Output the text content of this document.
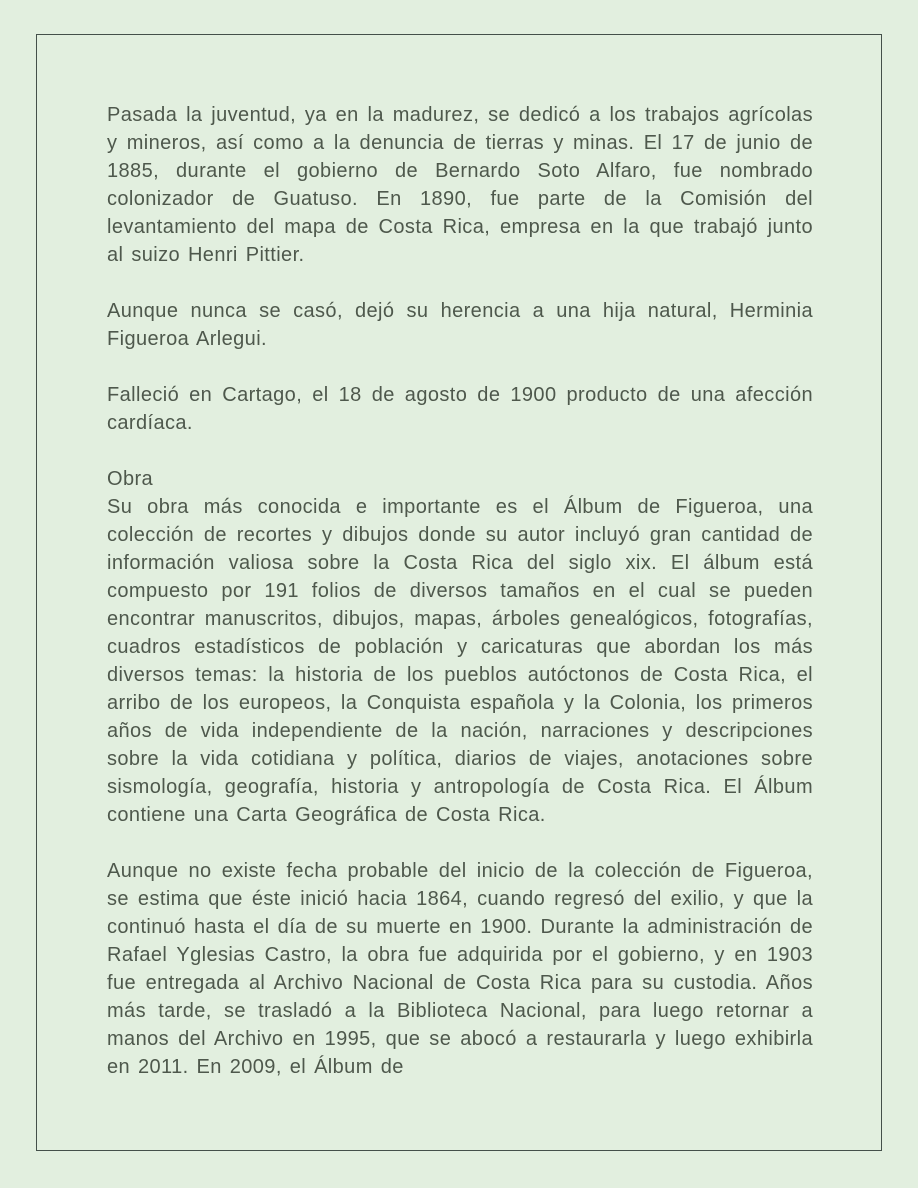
Pasada la juventud, ya en la madurez, se dedicó a los trabajos agrícolas y mineros, así como a la denuncia de tierras y minas. El 17 de junio de 1885, durante el gobierno de Bernardo Soto Alfaro, fue nombrado colonizador de Guatuso. En 1890, fue parte de la Comisión del levantamiento del mapa de Costa Rica, empresa en la que trabajó junto al suizo Henri Pittier.

Aunque nunca se casó, dejó su herencia a una hija natural, Herminia Figueroa Arlegui.

Falleció en Cartago, el 18 de agosto de 1900 producto de una afección cardíaca.

Obra

Su obra más conocida e importante es el Álbum de Figueroa, una colección de recortes y dibujos donde su autor incluyó gran cantidad de información valiosa sobre la Costa Rica del siglo xix. El álbum está compuesto por 191 folios de diversos tamaños en el cual se pueden encontrar manuscritos, dibujos, mapas, árboles genealógicos, fotografías, cuadros estadísticos de población y caricaturas que abordan los más diversos temas: la historia de los pueblos autóctonos de Costa Rica, el arribo de los europeos, la Conquista española y la Colonia, los primeros años de vida independiente de la nación, narraciones y descripciones sobre la vida cotidiana y política, diarios de viajes, anotaciones sobre sismología, geografía, historia y antropología de Costa Rica. El Álbum contiene una Carta Geográfica de Costa Rica.

Aunque no existe fecha probable del inicio de la colección de Figueroa, se estima que éste inició hacia 1864, cuando regresó del exilio, y que la continuó hasta el día de su muerte en 1900. Durante la administración de Rafael Yglesias Castro, la obra fue adquirida por el gobierno, y en 1903 fue entregada al Archivo Nacional de Costa Rica para su custodia. Años más tarde, se trasladó a la Biblioteca Nacional, para luego retornar a manos del Archivo en 1995, que se abocó a restaurarla y luego exhibirla en 2011. En 2009, el Álbum de
